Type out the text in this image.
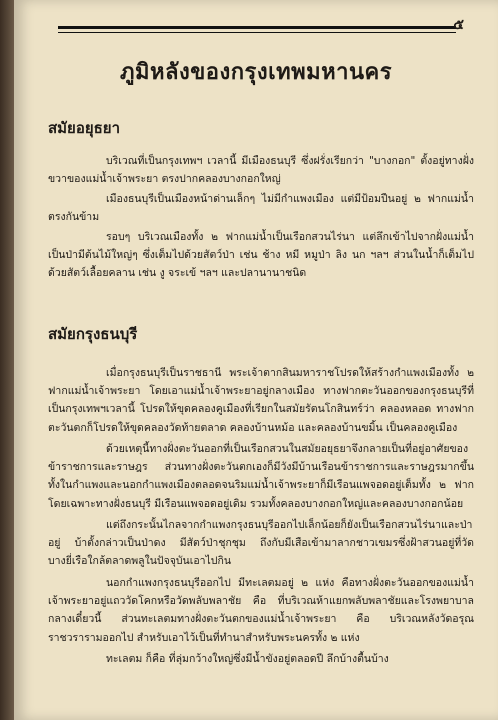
๕
ภูมิหลังของกรุงเทพมหานคร
สมัยอยุธยา

บริเวณที่เป็นกรุงเทพฯ เวลานี้ มีเมืองธนบุรี ซึ่งฝรั่งเรียกว่า "บางกอก" ตั้งอยู่ทางฝั่งขวาของแม่น้ำเจ้าพระยา ตรงปากคลองบางกอกใหญ่

เมืองธนบุรีเป็นเมืองหน้าด่านเล็กๆ ไม่มีกำแพงเมือง แต่มีป้อมปืนอยู่ ๒ ฟากแม่น้ำตรงกันข้าม

รอบๆ บริเวณเมืองทั้ง ๒ ฟากแม่น้ำเป็นเรือกสวนไร่นา แต่ลึกเข้าไปจากฝั่งแม่น้ำเป็นป่ามีต้นไม้ใหญ่ๆ ซึ่งเต็มไปด้วยสัตว์ป่า เช่น ช้าง หมี หมูป่า ลิง นก ฯลฯ ส่วนในน้ำก็เต็มไปด้วยสัตว์เลื้อยคลาน เช่น งู จระเข้ ฯลฯ และปลานานาชนิด

สมัยกรุงธนบุรี

เมื่อกรุงธนบุรีเป็นราชธานี พระเจ้าตากสินมหาราชโปรดให้สร้างกำแพงเมืองทั้ง ๒ ฟากแม่น้ำเจ้าพระยา โดยเอาแม่น้ำเจ้าพระยาอยู่กลางเมือง ทางฟากตะวันออกของกรุงธนบุรีที่เป็นกรุงเทพฯเวลานี้ โปรดให้ขุดคลองคูเมืองที่เรียกในสมัยรัตนโกสินทร์ว่า คลองหลอด ทางฟากตะวันตกก็โปรดให้ขุดคลองวัดท้ายตลาด คลองบ้านหม้อ และคลองบ้านขมิ้น เป็นคลองคูเมือง

ด้วยเหตุนี้ทางฝั่งตะวันออกที่เป็นเรือกสวนในสมัยอยุธยาจึงกลายเป็นที่อยู่อาศัยของข้าราชการและราษฎร ส่วนทางฝั่งตะวันตกเองก็มีวังมีบ้านเรือนข้าราชการและราษฎรมากขึ้น ทั้งในกำแพงและนอกกำแพงเมืองตลอดจนริมแม่น้ำเจ้าพระยาก็มีเรือนแพจอดอยู่เต็มทั้ง ๒ ฟาก โดยเฉพาะทางฝั่งธนบุรี มีเรือนแพจอดอยู่เดิม รวมทั้งคลองบางกอกใหญ่และคลองบางกอกน้อย

แต่ถึงกระนั้นไกลจากกำแพงกรุงธนบุรีออกไปเล็กน้อยก็ยังเป็นเรือกสวนไร่นาและป่าอยู่ บ้าตั้งกล่าวเป็นป่าดง มีสัตว์ป่าชุกชุม ถึงกับมีเสือเข้ามาลากชาวเขมรซึ่งฝ้าสวนอยู่ที่วัดบางยี่เรือใกล้ตลาดพลูในปัจจุบันเอาไปกิน

นอกกำแพงกรุงธนบุรีออกไป มีทะเลตมอยู่ ๒ แห่ง คือทางฝั่งตะวันออกของแม่น้ำเจ้าพระยาอยู่แถววัดโคกหรือวัดพลับพลาชัย คือ ที่บริเวณห้าแยกพลับพลาชัยและโรงพยาบาลกลางเดี๋ยวนี้ ส่วนทะเลตมทางฝั่งตะวันตกของแม่น้ำเจ้าพระยา คือ บริเวณหลังวัดอรุณราชวรารามออกไป สำหรับเอาไว้เป็นที่ทำนาสำหรับพระนครทั้ง ๒ แห่ง

ทะเลตม ก็คือ ที่ลุ่มกว้างใหญ่ซึ่งมีน้ำขังอยู่ตลอดปี ลึกบ้างตื้นบ้าง
